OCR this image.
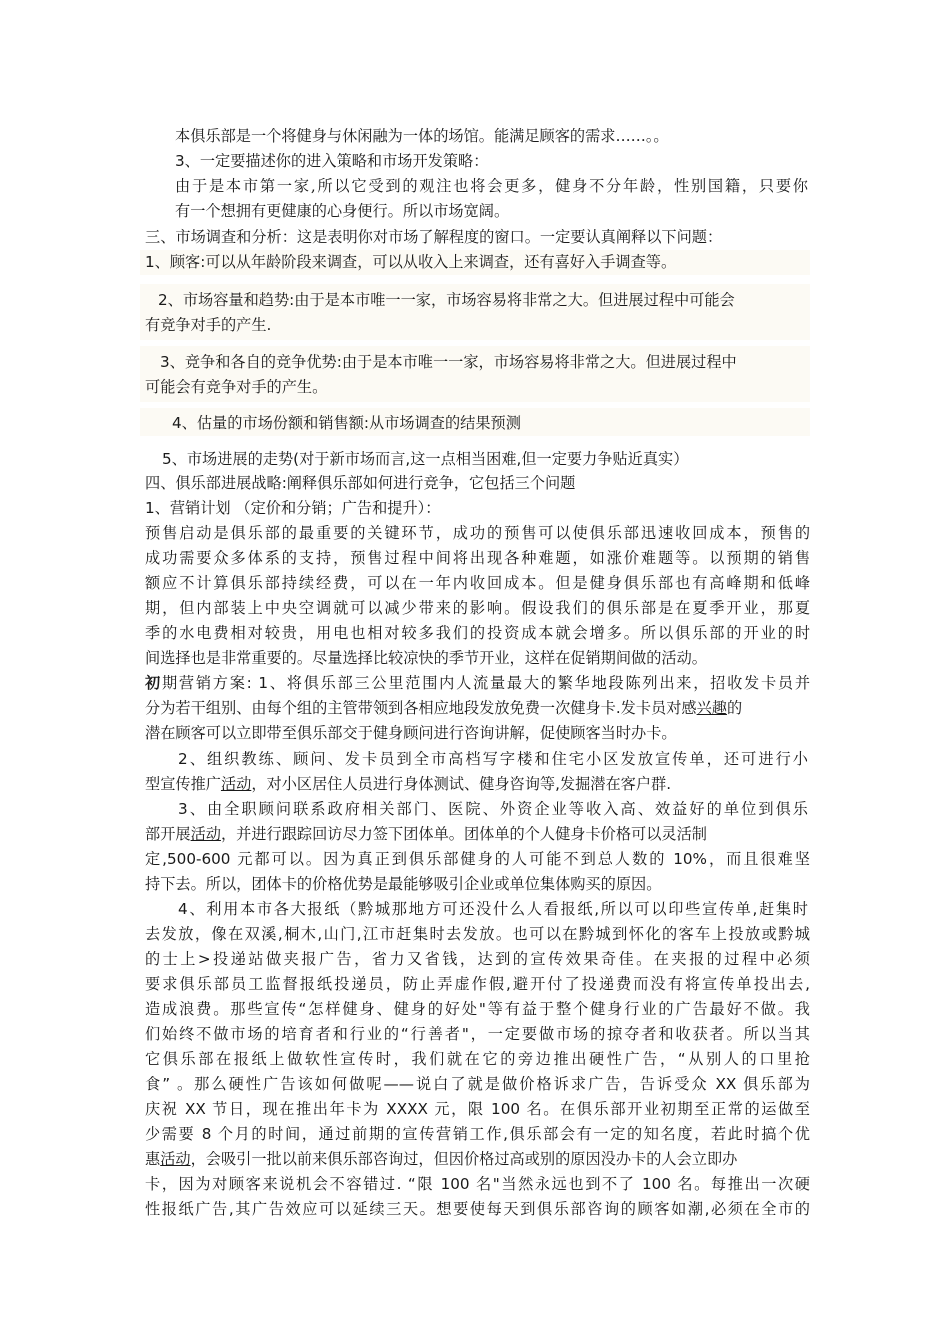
本俱乐部是一个将健身与休闲融为一体的场馆。能满足顾客的需求……。。
3、一定要描述你的进入策略和市场开发策略：
由于是本市第一家,所以它受到的观注也将会更多，健身不分年龄，性别国籍，只要你
有一个想拥有更健康的心身便行。所以市场宽阔。
三、市场调查和分析：这是表明你对市场了解程度的窗口。一定要认真阐释以下问题：
1、顾客:可以从年龄阶段来调查，可以从收入上来调查，还有喜好入手调查等。
2、市场容量和趋势:由于是本市唯一一家，市场容易将非常之大。但进展过程中可能会
有竞争对手的产生.
3、竞争和各自的竞争优势:由于是本市唯一一家，市场容易将非常之大。但进展过程中
可能会有竞争对手的产生。
4、估量的市场份额和销售额:从市场调查的结果预测
5、市场进展的走势(对于新市场而言,这一点相当困难,但一定要力争贴近真实）
四、俱乐部进展战略:阐释俱乐部如何进行竞争，它包括三个问题
1、营销计划 （定价和分销；广告和提升）：
预售启动是俱乐部的最重要的关键环节，成功的预售可以使俱乐部迅速收回成本，预售的
成功需要众多体系的支持，预售过程中间将出现各种难题，如涨价难题等。以预期的销售
额应不计算俱乐部持续经费，可以在一年内收回成本。但是健身俱乐部也有高峰期和低峰
期，但内部装上中央空调就可以减少带来的影响。假设我们的俱乐部是在夏季开业，那夏
季的水电费相对较贵，用电也相对较多我们的投资成本就会增多。所以俱乐部的开业的时
间选择也是非常重要的。尽量选择比较凉快的季节开业，这样在促销期间做的活动。
初期营销方案: 1、将俱乐部三公里范围内人流量最大的繁华地段陈列出来，招收发卡员并
分为若干组别、由每个组的主管带领到各相应地段发放免费一次健身卡.发卡员对感兴趣的
潜在顾客可以立即带至俱乐部交于健身顾问进行咨询讲解，促使顾客当时办卡。
2、组织教练、顾问、发卡员到全市高档写字楼和住宅小区发放宣传单，还可进行小
型宣传推广活动，对小区居住人员进行身体测试、健身咨询等,发掘潜在客户群.
3、由全职顾问联系政府相关部门、医院、外资企业等收入高、效益好的单位到俱乐
部开展活动，并进行跟踪回访尽力签下团体单。团体单的个人健身卡价格可以灵活制
定,500-600 元都可以。因为真正到俱乐部健身的人可能不到总人数的 10%，而且很难坚
持下去。所以，团体卡的价格优势是最能够吸引企业或单位集体购买的原因。
4、利用本市各大报纸（黔城那地方可还没什么人看报纸,所以可以印些宣传单,赶集时
去发放，像在双溪,桐木,山门,江市赶集时去发放。也可以在黔城到怀化的客车上投放或黔城
的士上>投递站做夹报广告，省力又省钱，达到的宣传效果奇佳。在夹报的过程中必须
要求俱乐部员工监督报纸投递员，防止弄虚作假,避开付了投递费而没有将宣传单投出去,
造成浪费。那些宣传“怎样健身、健身的好处"等有益于整个健身行业的广告最好不做。我
们始终不做市场的培育者和行业的“行善者"，一定要做市场的掠夺者和收获者。所以当其
它俱乐部在报纸上做软性宣传时，我们就在它的旁边推出硬性广告，“从别人的口里抢
食” 。那么硬性广告该如何做呢——说白了就是做价格诉求广告，告诉受众 XX 俱乐部为
庆祝 XX 节日，现在推出年卡为 XXXX 元，限 100 名。在俱乐部开业初期至正常的运做至
少需要 8 个月的时间，通过前期的宣传营销工作,俱乐部会有一定的知名度，若此时搞个优
惠活动，会吸引一批以前来俱乐部咨询过，但因价格过高或别的原因没办卡的人会立即办
卡，因为对顾客来说机会不容错过. “限 100 名"当然永远也到不了 100 名。每推出一次硬
性报纸广告,其广告效应可以延续三天。想要使每天到俱乐部咨询的顾客如潮,必须在全市的
